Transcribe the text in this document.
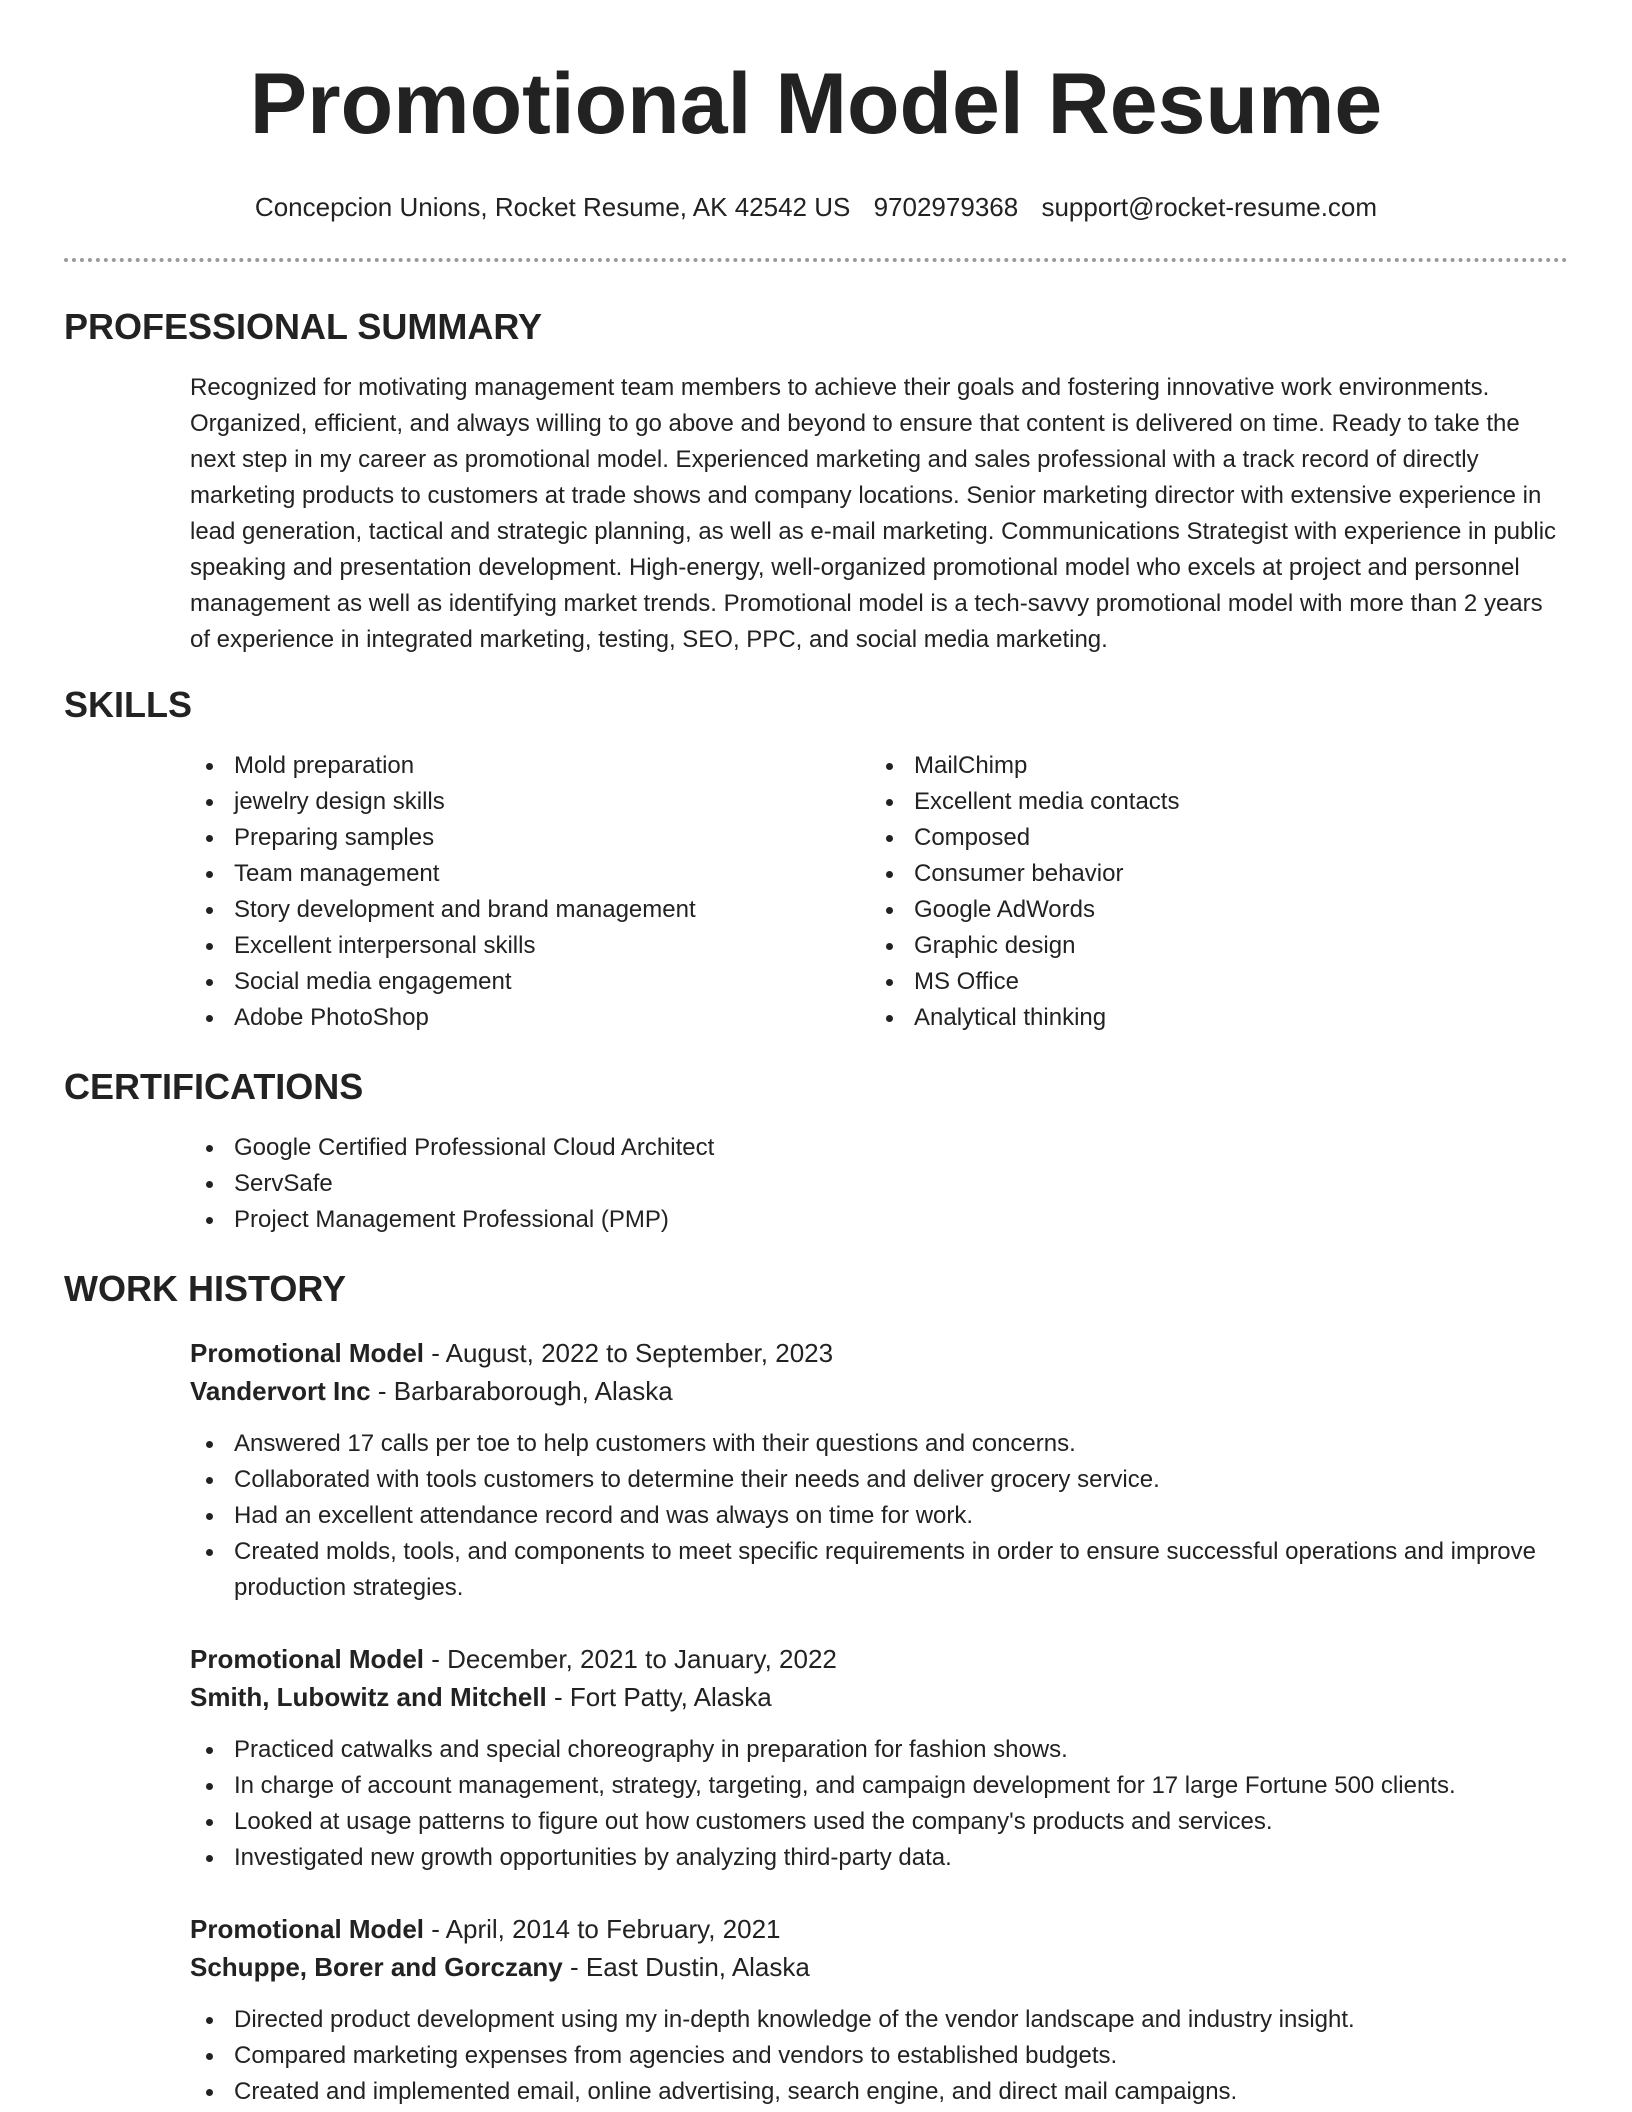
Promotional Model Resume
Concepcion Unions, Rocket Resume, AK 42542 US 9702979368 support@rocket-resume.com
PROFESSIONAL SUMMARY

Recognized for motivating management team members to achieve their goals and fostering innovative work environments. Organized, efficient, and always willing to go above and beyond to ensure that content is delivered on time. Ready to take the next step in my career as promotional model. Experienced marketing and sales professional with a track record of directly marketing products to customers at trade shows and company locations. Senior marketing director with extensive experience in lead generation, tactical and strategic planning, as well as e-mail marketing. Communications Strategist with experience in public speaking and presentation development. High-energy, well-organized promotional model who excels at project and personnel management as well as identifying market trends. Promotional model is a tech-savvy promotional model with more than 2 years of experience in integrated marketing, testing, SEO, PPC, and social media marketing.

SKILLS
Mold preparation
jewelry design skills
Preparing samples
Team management
Story development and brand management
Excellent interpersonal skills
Social media engagement
Adobe PhotoShop
MailChimp
Excellent media contacts
Composed
Consumer behavior
Google AdWords
Graphic design
MS Office
Analytical thinking
CERTIFICATIONS
Google Certified Professional Cloud Architect
ServSafe
Project Management Professional (PMP)
WORK HISTORY
Promotional Model - August, 2022 to September, 2023
Vandervort Inc - Barbaraborough, Alaska
Answered 17 calls per toe to help customers with their questions and concerns.
Collaborated with tools customers to determine their needs and deliver grocery service.
Had an excellent attendance record and was always on time for work.
Created molds, tools, and components to meet specific requirements in order to ensure successful operations and improve production strategies.
Promotional Model - December, 2021 to January, 2022
Smith, Lubowitz and Mitchell - Fort Patty, Alaska
Practiced catwalks and special choreography in preparation for fashion shows.
In charge of account management, strategy, targeting, and campaign development for 17 large Fortune 500 clients.
Looked at usage patterns to figure out how customers used the company's products and services.
Investigated new growth opportunities by analyzing third-party data.
Promotional Model - April, 2014 to February, 2021
Schuppe, Borer and Gorczany - East Dustin, Alaska
Directed product development using my in-depth knowledge of the vendor landscape and industry insight.
Compared marketing expenses from agencies and vendors to established budgets.
Created and implemented email, online advertising, search engine, and direct mail campaigns.
